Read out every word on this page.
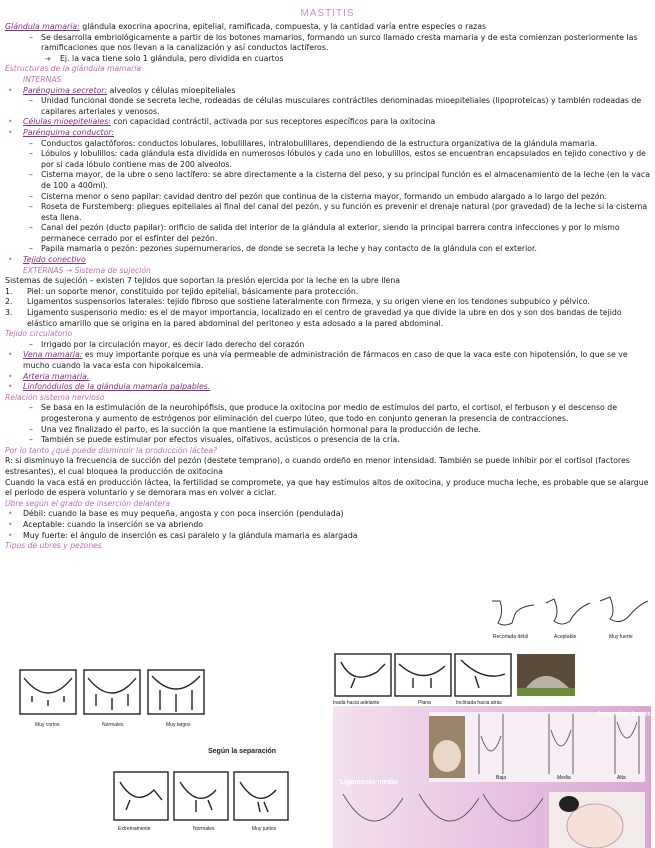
MASTITIS

Glándula mamaria: glándula exocrina apocrina, epitelial, ramificada, compuesta, y la cantidad varía entre especies o razas

– Se desarrolla embriológicamente a partir de los botones mamarios, formando un surco llamado cresta mamaria y de esta comienzan posteriormente las ramificaciones que nos llevan a la canalización y así conductos lactíferos.

➔ Ej. la vaca tiene solo 1 glándula, pero dividida en cuartos

Estructuras de la glándula mamaria

INTERNAS

• Parénquima secretor: alveolos y células mioepiteliales

– Unidad funcional donde se secreta leche, rodeadas de células musculares contráctiles denominadas mioepiteliales (lipoproteicas) y también rodeadas de capilares arteriales y venosos.

• Células mioepiteliales: con capacidad contráctil, activada por sus receptores específicos para la oxitocina

• Parénquima conductor:

– Conductos galactóforos: conductos lobulares, lobulillares, intralobulillares, dependiendo de la estructura organizativa de la glándula mamaria.

– Lóbulos y lobulillos: cada glándula esta dividida en numerosos lóbulos y cada uno en lobulillos, estos se encuentran encapsulados en tejido conectivo y de por si cada lóbulo contiene mas de 200 alveolos.

– Cisterna mayor, de la ubre o seno lactífero: se abre directamente a la cisterna del peso, y su principal función es el almacenamiento de la leche (en la vaca de 100 a 400ml).

– Cisterna menor o seno papilar: cavidad dentro del pezón que continua de la cisterna mayor, formando un embudo alargado a lo largo del pezón.

– Roseta de Furstemberg: pliegues epiteliales al final del canal del pezón, y su función es prevenir el drenaje natural (por gravedad) de la leche si la cisterna esta llena.

– Canal del pezón (ducto papilar): orificio de salida del interior de la glándula al exterior, siendo la principal barrera contra infecciones y por lo mismo permanece cerrado por el esfínter del pezón.

– Papila mamaria o pezón: pezones supernumerarios, de donde se secreta la leche y hay contacto de la glándula con el exterior.

• Tejido conectivo

EXTERNAS → Sistema de sujeción

Sistemas de sujeción – existen 7 tejidos que soportan la presión ejercida por la leche en la ubre llena

1. Piel: un soporte menor, constituido por tejido epitelial, básicamente para protección.

2. Ligamentos suspensorios laterales: tejido fibroso que sostiene lateralmente con firmeza, y su origen viene en los tendones subpubico y pélvico.

3. Ligamento suspensorio medio: es el de mayor importancia, localizado en el centro de gravedad ya que divide la ubre en dos y son dos bandas de tejido elástico amarillo que se origina en la pared abdominal del peritoneo y esta adosado a la pared abdominal.

Tejido circulatorio

– Irrigado por la circulación mayor, es decir lado derecho del corazón

• Vena mamaria: es muy importante porque es una vía permeable de administración de fármacos en caso de que la vaca este con hipotensión, lo que se ve mucho cuando la vaca esta con hipokalcemia.

• Arteria mamaria.

• Linfonódulos de la glándula mamaria palpables.

Relación sistema nervioso

– Se basa en la estimulación de la neurohipófisis, que produce la oxitocina por medio de estímulos del parto, el cortisol, el ferbuson y el descenso de progesterona y aumento de estrógenos por eliminación del cuerpo lúteo, que todo en conjunto generan la presencia de contracciones.

– Una vez finalizado el parto, es la succión la que mantiene la estimulación hormonal para la producción de leche.

– También se puede estimular por efectos visuales, olfativos, acústicos o presencia de la cría.

Por lo tanto ¿qué puede disminuir la producción láctea?

R: si disminuyo la frecuencia de succión del pezón (destete temprano), o cuando ordeño en menor intensidad. También se puede inhibir por el cortisol (factores estresantes), el cual bloquea la producción de oxitocina

Cuando la vaca está en producción láctea, la fertilidad se compromete, ya que hay estímulos altos de oxitocina, y produce mucha leche, es probable que se alargue el periodo de espera voluntario y se demorara mas en volver a ciclar.

Ubre según el grado de inserción delantera

• Débil: cuando la base es muy pequeña, angosta y con poca inserción (pendulada)

• Aceptable: cuando la inserción se va abriendo

• Muy fuerte: el ángulo de inserción es casi paralelo y la glándula mamaria es alargada

Tipos de ubres y pezones

Recortada débil	Aceptable	Muy fuerte
Muy cortos	Normales	Muy largos
Según la separación
Extremamente	Normales	Muy juntos
Inada hacia adelante	Plana	Inclinada hacia atrás
Insercion trasera
Ligamento medio
Baja	Media	Alta
